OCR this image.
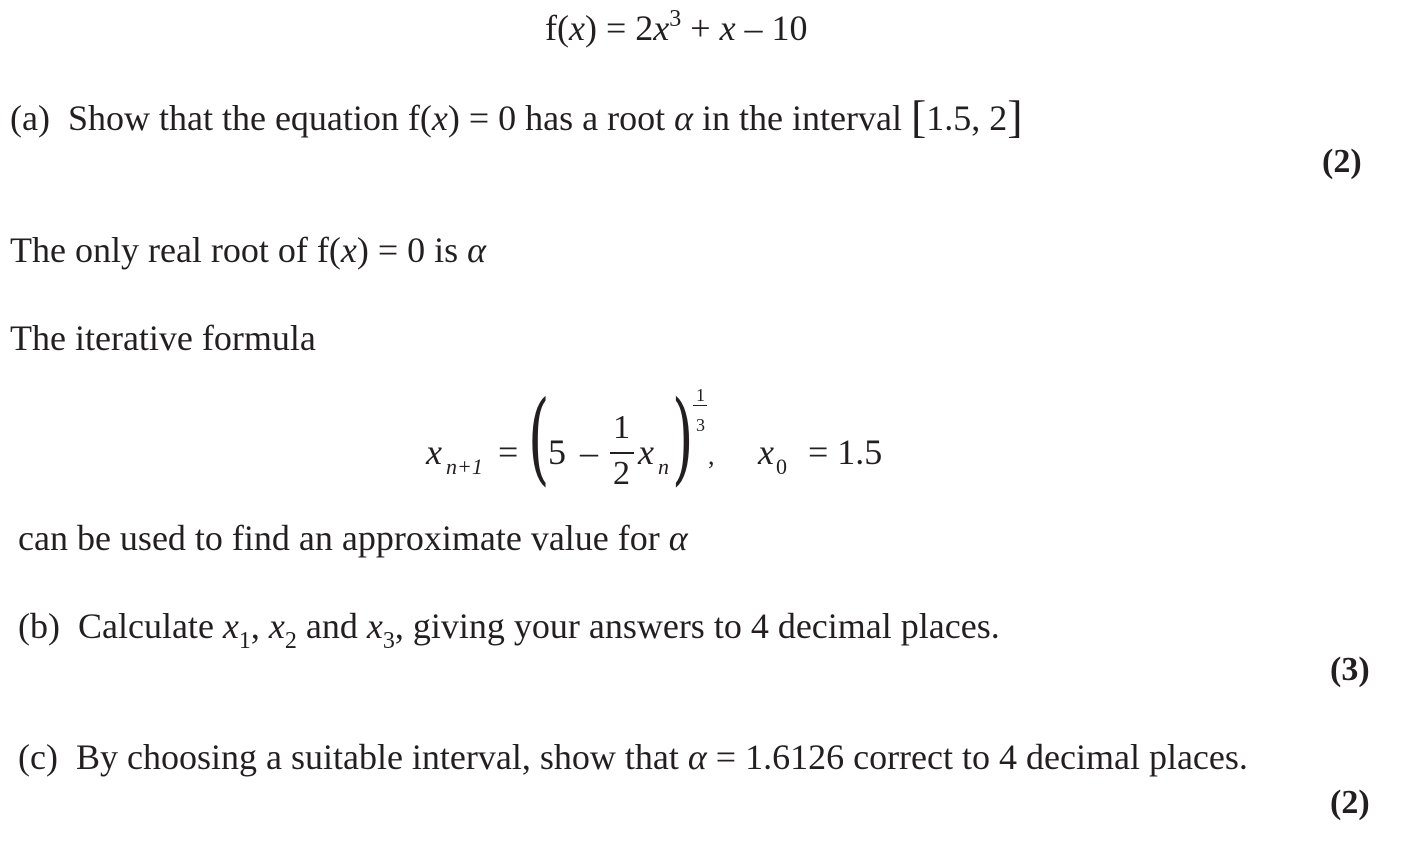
$f(x) = 2x^3 + x - 10$
(a) Show that the equation f(x) = 0 has a root α in the interval [1.5, 2]
(2)
The only real root of f(x) = 0 is α
The iterative formula
x n+1 = (
5 –
1
2
x n ) 1
3
, x 0 = 1.5
can be used to find an approximate value for α
(b) Calculate $x_1$, $x_2$ and $x_3$, giving your answers to 4 decimal places.
(3)
(c) By choosing a suitable interval, show that α = 1.6126 correct to 4 decimal places.
(2)
